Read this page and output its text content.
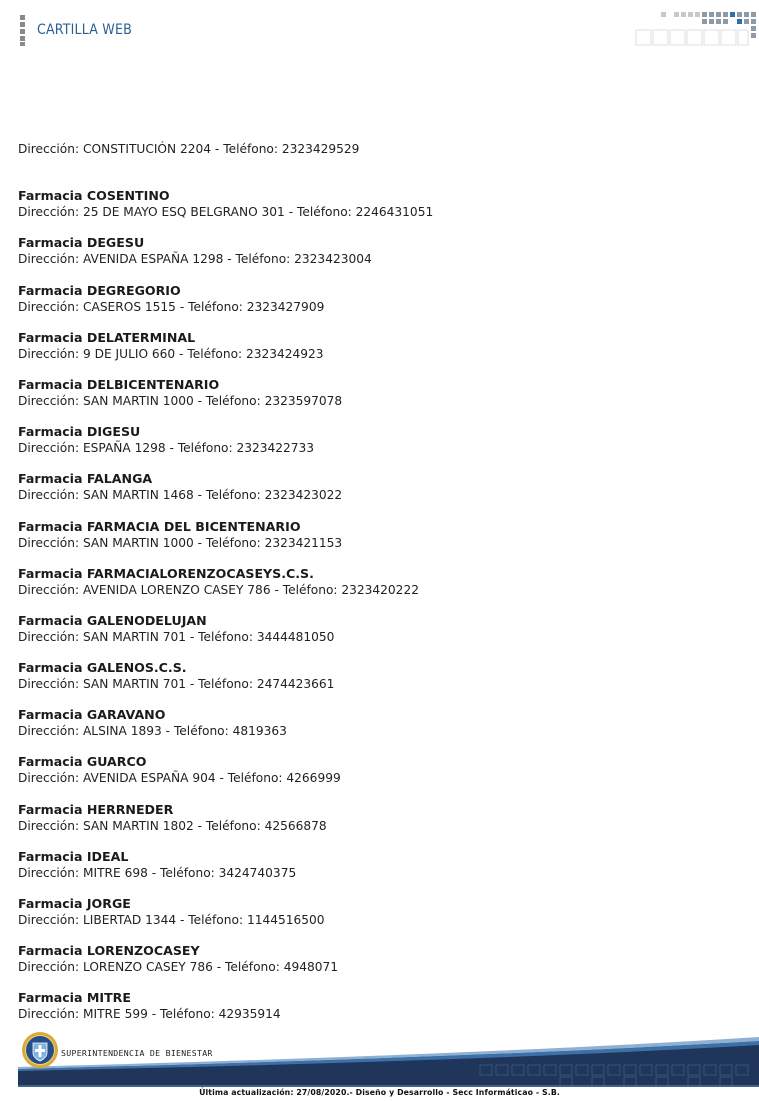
CARTILLA WEB
Dirección: CONSTITUCIÓN 2204 - Teléfono: 2323429529
Farmacia COSENTINO
Dirección: 25 DE MAYO ESQ BELGRANO 301 - Teléfono: 2246431051
Farmacia DEGESU
Dirección: AVENIDA ESPAÑA 1298 - Teléfono: 2323423004
Farmacia DEGREGORIO
Dirección: CASEROS 1515 - Teléfono: 2323427909
Farmacia DELATERMINAL
Dirección: 9 DE JULIO 660 - Teléfono: 2323424923
Farmacia DELBICENTENARIO
Dirección: SAN MARTIN 1000 - Teléfono: 2323597078
Farmacia DIGESU
Dirección: ESPAÑA 1298 - Teléfono: 2323422733
Farmacia FALANGA
Dirección: SAN MARTIN 1468 - Teléfono: 2323423022
Farmacia FARMACIA DEL BICENTENARIO
Dirección: SAN MARTIN 1000 - Teléfono: 2323421153
Farmacia FARMACIALORENZOCASEYS.C.S.
Dirección: AVENIDA LORENZO CASEY 786 - Teléfono: 2323420222
Farmacia GALENODELUJAN
Dirección: SAN MARTIN 701 - Teléfono: 3444481050
Farmacia GALENOS.C.S.
Dirección: SAN MARTIN 701 - Teléfono: 2474423661
Farmacia GARAVANO
Dirección: ALSINA 1893 - Teléfono: 4819363
Farmacia GUARCO
Dirección: AVENIDA ESPAÑA 904 - Teléfono: 4266999
Farmacia HERRNEDER
Dirección: SAN MARTIN 1802 - Teléfono: 42566878
Farmacia IDEAL
Dirección: MITRE 698 - Teléfono: 3424740375
Farmacia JORGE
Dirección: LIBERTAD 1344 - Teléfono: 1144516500
Farmacia LORENZOCASEY
Dirección: LORENZO CASEY 786 - Teléfono: 4948071
Farmacia MITRE
Dirección: MITRE 599 - Teléfono: 42935914
SUPERINTENDENCIA DE BIENESTAR
Última actualización: 27/08/2020.- Diseño y Desarrollo - Secc Informáticao - S.B.
